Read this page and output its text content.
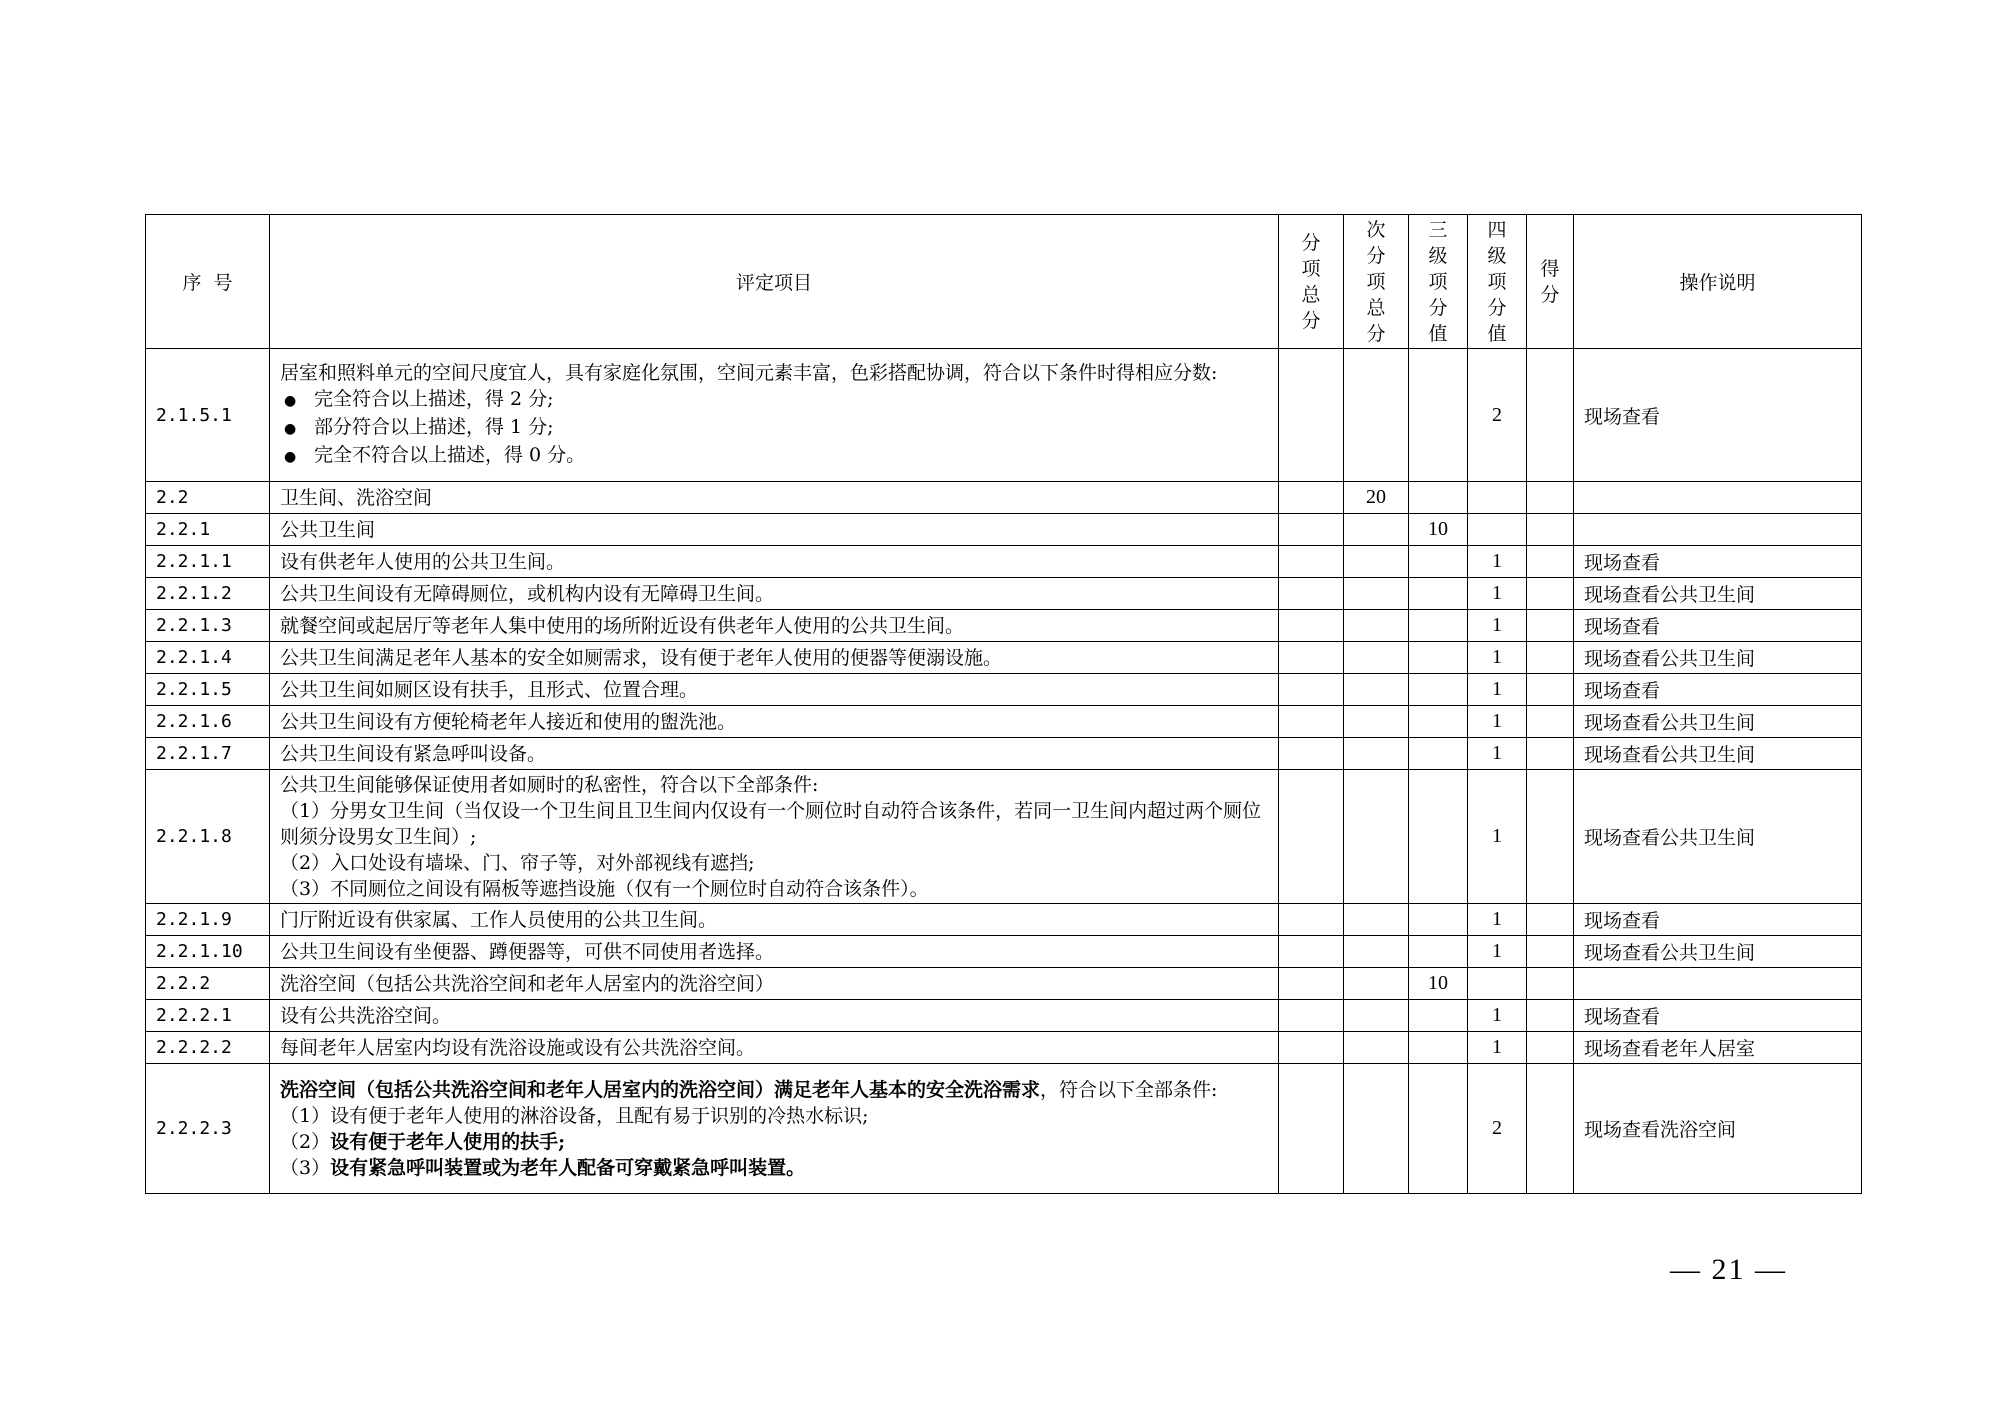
序  号	评定项目	分项总分	次分项总分	三级项分值	四级项分值	得分	操作说明
2.1.5.1	居室和照料单元的空间尺度宜人，具有家庭化氛围，空间元素丰富，色彩搭配协调，符合以下条件时得相应分数:
● 完全符合以上描述，得 2 分;
● 部分符合以上描述，得 1 分;
● 完全不符合以上描述，得 0 分。				2		现场查看
2.2	卫生间、洗浴空间		20				
2.2.1	公共卫生间			10			
2.2.1.1	设有供老年人使用的公共卫生间。				1		现场查看
2.2.1.2	公共卫生间设有无障碍厕位，或机构内设有无障碍卫生间。				1		现场查看公共卫生间
2.2.1.3	就餐空间或起居厅等老年人集中使用的场所附近设有供老年人使用的公共卫生间。				1		现场查看
2.2.1.4	公共卫生间满足老年人基本的安全如厕需求，设有便于老年人使用的便器等便溺设施。				1		现场查看公共卫生间
2.2.1.5	公共卫生间如厕区设有扶手，且形式、位置合理。				1		现场查看
2.2.1.6	公共卫生间设有方便轮椅老年人接近和使用的盥洗池。				1		现场查看公共卫生间
2.2.1.7	公共卫生间设有紧急呼叫设备。				1		现场查看公共卫生间
2.2.1.8	公共卫生间能够保证使用者如厕时的私密性，符合以下全部条件:
（1）分男女卫生间（当仅设一个卫生间且卫生间内仅设有一个厕位时自动符合该条件，若同一卫生间内超过两个厕位则须分设男女卫生间）;
（2）入口处设有墙垛、门、帘子等，对外部视线有遮挡;
（3）不同厕位之间设有隔板等遮挡设施（仅有一个厕位时自动符合该条件）。				1		现场查看公共卫生间
2.2.1.9	门厅附近设有供家属、工作人员使用的公共卫生间。				1		现场查看
2.2.1.10	公共卫生间设有坐便器、蹲便器等，可供不同使用者选择。				1		现场查看公共卫生间
2.2.2	洗浴空间（包括公共洗浴空间和老年人居室内的洗浴空间）			10			
2.2.2.1	设有公共洗浴空间。				1		现场查看
2.2.2.2	每间老年人居室内均设有洗浴设施或设有公共洗浴空间。				1		现场查看老年人居室
2.2.2.3	洗浴空间（包括公共洗浴空间和老年人居室内的洗浴空间）满足老年人基本的安全洗浴需求，符合以下全部条件:
（1）设有便于老年人使用的淋浴设备，且配有易于识别的冷热水标识;
（2）设有便于老年人使用的扶手;
（3）设有紧急呼叫装置或为老年人配备可穿戴紧急呼叫装置。				2		现场查看洗浴空间
— 21 —
